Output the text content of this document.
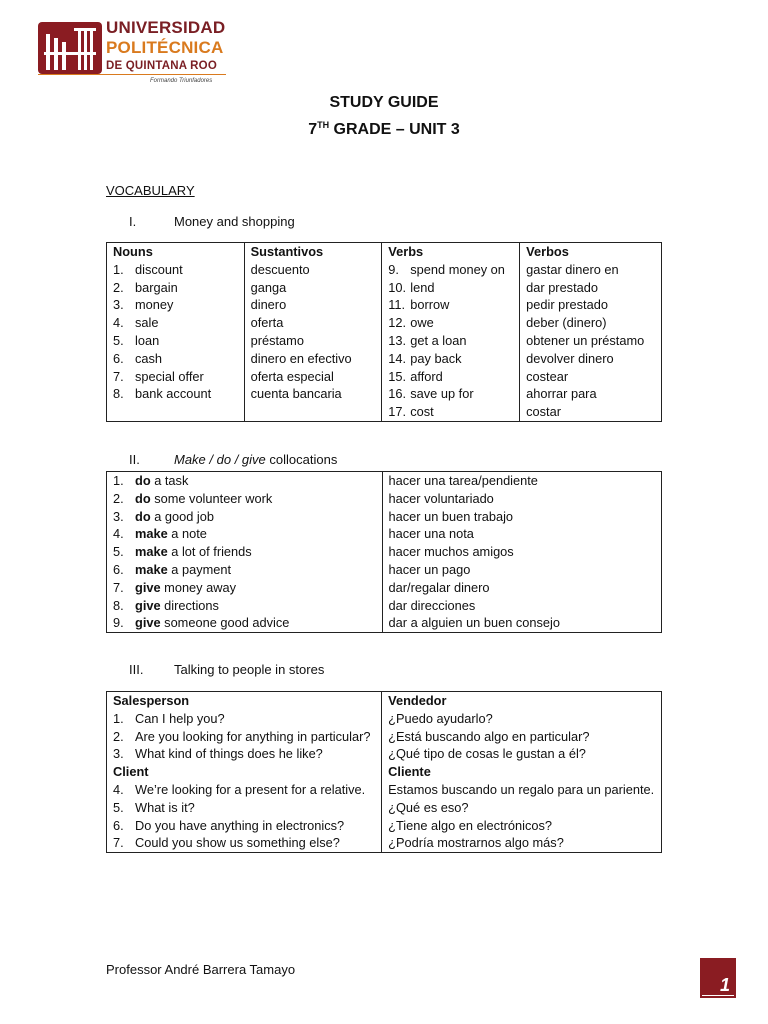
UNIVERSIDAD
POLITÉCNICA
DE QUINTANA ROO
Formando Triunfadores
STUDY GUIDE
7TH GRADE – UNIT 3
VOCABULARY
I.	Money and shopping
Nouns	Sustantivos	Verbs	Verbos
1. discount	descuento	9. spend money on	gastar dinero en
2. bargain	ganga	10. lend	dar prestado
3. money	dinero	11. borrow	pedir prestado
4. sale	oferta	12. owe	deber (dinero)
5. loan	préstamo	13. get a loan	obtener un préstamo
6. cash	dinero en efectivo	14. pay back	devolver dinero
7. special offer	oferta especial	15. afford	costear
8. bank account	cuenta bancaria	16. save up for	ahorrar para
		17. cost	costar
II.	Make / do / give collocations
1. do a task	hacer una tarea/pendiente
2. do some volunteer work	hacer voluntariado
3. do a good job	hacer un buen trabajo
4. make a note	hacer una nota
5. make a lot of friends	hacer muchos amigos
6. make a payment	hacer un pago
7. give money away	dar/regalar dinero
8. give directions	dar direcciones
9. give someone good advice	dar a alguien un buen consejo
III. Talking to people in stores
Salesperson	Vendedor
1. Can I help you?	¿Puedo ayudarlo?
2. Are you looking for anything in particular?	¿Está buscando algo en particular?
3. What kind of things does he like?	¿Qué tipo de cosas le gustan a él?
Client	Cliente
4. We’re looking for a present for a relative.	Estamos buscando un regalo para un pariente.
5. What is it?	¿Qué es eso?
6. Do you have anything in electronics?	¿Tiene algo en electrónicos?
7. Could you show us something else?	¿Podría mostrarnos algo más?
Professor André Barrera Tamayo
1
